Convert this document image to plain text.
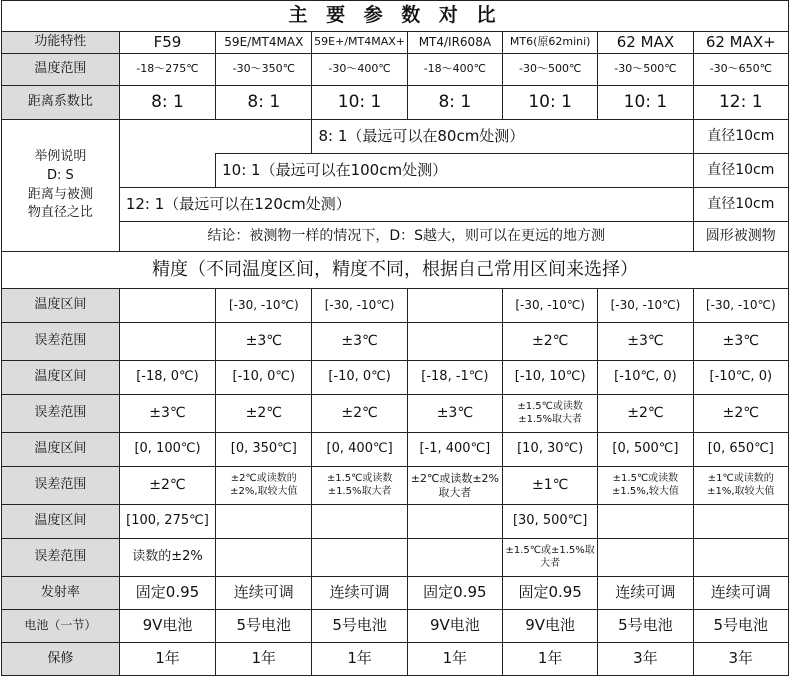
主 要 参 数 对 比							
功能特性	F59	59E/MT4MAX	59E+/MT4MAX+	MT4/IR608A	MT6(原62mini)	62 MAX	62 MAX+
温度范围	-18～275℃	-30～350℃	-30～400℃	-18～400℃	-30～500℃	-30～500℃	-30～650℃
距离系数比	8: 1	8: 1	10: 1	8: 1	10: 1	10: 1	12: 1

举例说明
D: S
距离与被测
物直径之比			8: 1（最远可以在80cm处测）				直径10cm
		10: 1（最远可以在100cm处测）					直径10cm
	12: 1（最远可以在120cm处测）						直径10cm
	结论：被测物一样的情况下，D：S越大，则可以在更远的地方测						圆形被测物
精度（不同温度区间，精度不同，根据自己常用区间来选择）							
温度区间		[-30, -10℃)	[-30, -10℃)		[-30, -10℃)	[-30, -10℃)	[-30, -10℃)
误差范围		±3℃	±3℃		±2℃	±3℃	±3℃
温度区间	[-18, 0℃)	[-10, 0℃)	[-10, 0℃)	[-18, -1℃)	[-10, 10℃)	[-10℃, 0)	[-10℃, 0)
误差范围	±3℃	±2℃	±2℃	±3℃	±1.5℃或读数±1.5%取大者	±2℃	±2℃
温度区间	[0, 100℃)	[0, 350℃]	[0, 400℃]	[-1, 400℃]	[10, 30℃)	[0, 500℃]	[0, 650℃]
误差范围	±2℃	±2℃或读数的±2%,取较大值	±1.5℃或读数±1.5%取大者	±2℃或读数±2%取大者	±1℃	±1.5℃或读数±1.5%,较大值	±1℃或读数的±1%,取较大值
温度区间	[100, 275℃]				[30, 500℃]		
误差范围	读数的±2%				±1.5℃或±1.5%取大者		
发射率	固定0.95	连续可调	连续可调	固定0.95	固定0.95	连续可调	连续可调
电池（一节）	9V电池	5号电池	5号电池	9V电池	9V电池	5号电池	5号电池
保修	1年	1年	1年	1年	1年	3年	3年
